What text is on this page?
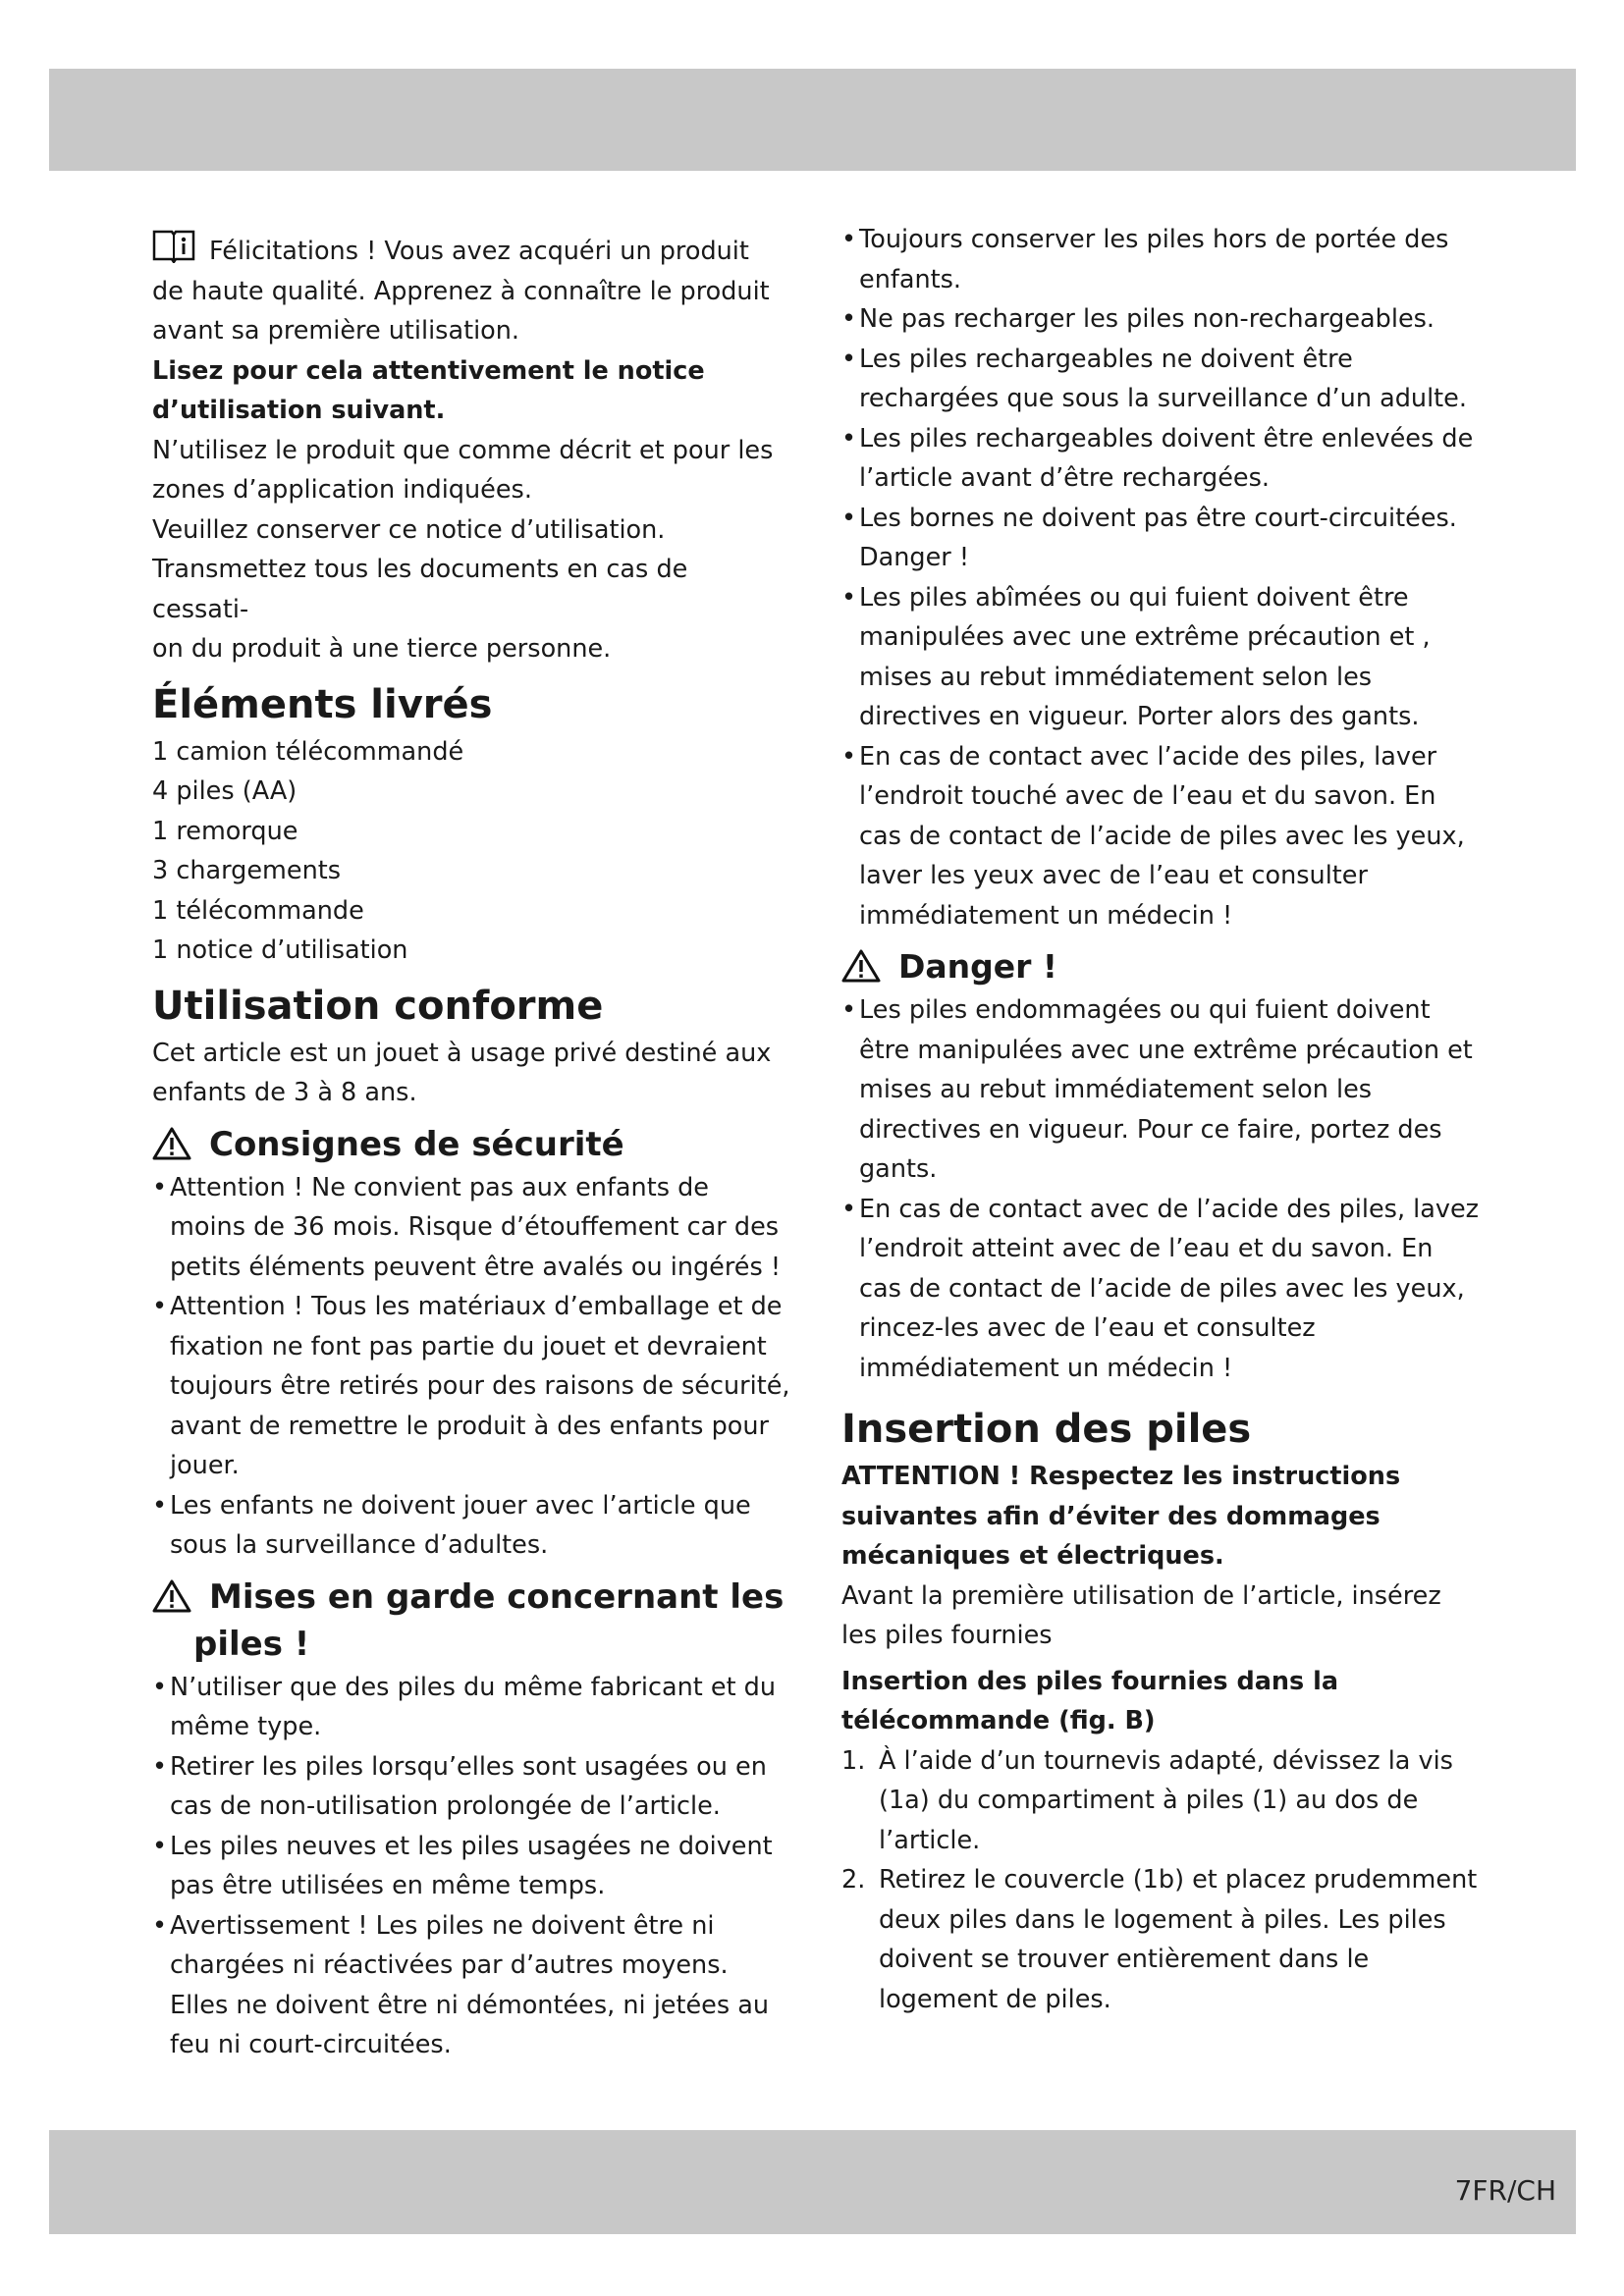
7FR/CH

Félicitations ! Vous avez acquéri un produit

de haute qualité. Apprenez à connaître le produit

avant sa première utilisation.

Lisez pour cela attentivement le notice

d’utilisation suivant.

N’utilisez le produit que comme décrit et pour les

zones d’application indiquées.

Veuillez conserver ce notice d’utilisation.

Transmettez tous les documents en cas de cessati-

on du produit à une tierce personne.

Éléments livrés

1 camion télécommandé

4 piles (AA)

1 remorque

3 chargements

1 télécommande

1 notice d’utilisation

Utilisation conforme

Cet article est un jouet à usage privé destiné aux

enfants de 3 à 8 ans.

Consignes de sécurité
• Attention ! Ne convient pas aux enfants de moins de 36 mois. Risque d’étouffement car des petits éléments peuvent être avalés ou ingérés !
• Attention ! Tous les matériaux d’emballage et de fixation ne font pas partie du jouet et devraient toujours être retirés pour des raisons de sécurité, avant de remettre le produit à des enfants pour jouer.
• Les enfants ne doivent jouer avec l’article que sous la surveillance d’adultes.
Mises en garde concernant les piles !
• N’utiliser que des piles du même fabricant et du même type.
• Retirer les piles lorsqu’elles sont usagées ou en cas de non-utilisation prolongée de l’article.
• Les piles neuves et les piles usagées ne doivent pas être utilisées en même temps.
• Avertissement ! Les piles ne doivent être ni chargées ni réactivées par d’autres moyens. Elles ne doivent être ni démontées, ni jetées au feu ni court-circuitées.
• Toujours conserver les piles hors de portée des enfants.
• Ne pas recharger les piles non-rechargeables.
• Les piles rechargeables ne doivent être rechargées que sous la surveillance d’un adulte.
• Les piles rechargeables doivent être enlevées de l’article avant d’être rechargées.
• Les bornes ne doivent pas être court-circuitées. Danger !
• Les piles abîmées ou qui fuient doivent être manipulées avec une extrême précaution et , mises au rebut immédiatement selon les directives en vigueur. Porter alors des gants.
• En cas de contact avec l’acide des piles, laver l’endroit touché avec de l’eau et du savon. En cas de contact de l’acide de piles avec les yeux, laver les yeux avec de l’eau et consulter immédiatement un médecin !
Danger !
• Les piles endommagées ou qui fuient doivent être manipulées avec une extrême précaution et mises au rebut immédiatement selon les directives en vigueur. Pour ce faire, portez des gants.
• En cas de contact avec de l’acide des piles, lavez l’endroit atteint avec de l’eau et du savon. En cas de contact de l’acide de piles avec les yeux, rincez-les avec de l’eau et consultez immédiatement un médecin !
Insertion des piles

ATTENTION ! Respectez les instructions suivantes afin d’éviter des dommages mécaniques et électriques.

Avant la première utilisation de l’article, insérez les piles fournies

Insertion des piles fournies dans la télécommande (fig. B)

1. À l’aide d’un tournevis adapté, dévissez la vis (1a) du compartiment à piles (1) au dos de l’article.
2. Retirez le couvercle (1b) et placez prudemment deux piles dans le logement à piles. Les piles doivent se trouver entièrement dans le logement de piles.
